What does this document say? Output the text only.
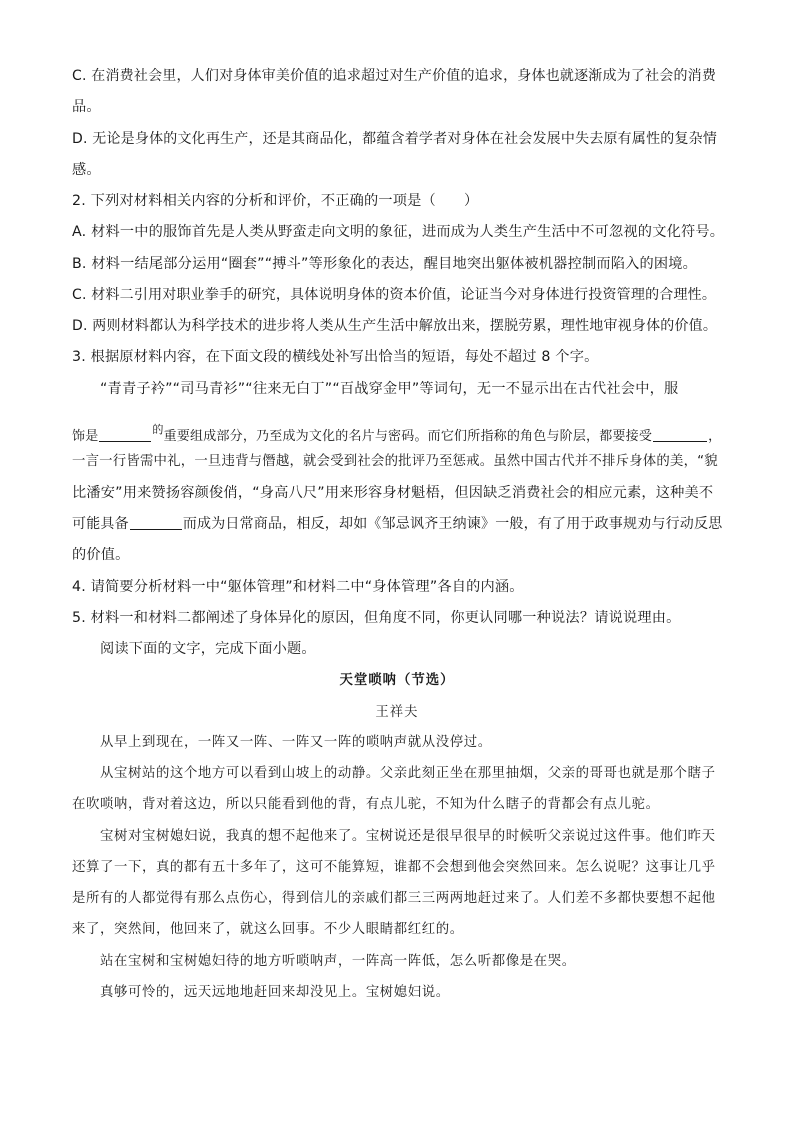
C. 在消费社会里，人们对身体审美价值的追求超过对生产价值的追求，身体也就逐渐成为了社会的消费
品。
D. 无论是身体的文化再生产，还是其商品化，都蕴含着学者对身体在社会发展中失去原有属性的复杂情
感。
2. 下列对材料相关内容的分析和评价，不正确的一项是（ ）
A. 材料一中的服饰首先是人类从野蛮走向文明的象征，进而成为人类生产生活中不可忽视的文化符号。
B. 材料一结尾部分运用“圈套”“搏斗”等形象化的表达，醒目地突出躯体被机器控制而陷入的困境。
C. 材料二引用对职业拳手的研究，具体说明身体的资本价值，论证当今对身体进行投资管理的合理性。
D. 两则材料都认为科学技术的进步将人类从生产生活中解放出来，摆脱劳累，理性地审视身体的价值。
3. 根据原材料内容，在下面文段的横线处补写出恰当的短语，每处不超过 8 个字。
“青青子衿”“司马青衫”“往来无白丁”“百战穿金甲”等词句，无一不显示出在古代社会中，服
饰是	的重要组成部分，乃至成为文化的名片与密码。而它们所指称的角色与阶层，都要接受	，
一言一行皆需中礼，一旦违背与僭越，就会受到社会的批评乃至惩戒。虽然中国古代并不排斥身体的美，“貌
比潘安”用来赞扬容颜俊俏，“身高八尺”用来形容身材魁梧，但因缺乏消费社会的相应元素，这种美不
可能具备	而成为日常商品，相反，却如《邹忌讽齐王纳谏》一般，有了用于政事规劝与行动反思
的价值。
4. 请简要分析材料一中“躯体管理”和材料二中“身体管理”各自的内涵。
5. 材料一和材料二都阐述了身体异化的原因，但角度不同，你更认同哪一种说法？请说说理由。
阅读下面的文字，完成下面小题。
天堂唢呐（节选）
王祥夫
从早上到现在，一阵又一阵、一阵又一阵的唢呐声就从没停过。
从宝树站的这个地方可以看到山坡上的动静。父亲此刻正坐在那里抽烟，父亲的哥哥也就是那个瞎子
在吹唢呐，背对着这边，所以只能看到他的背，有点儿驼，不知为什么瞎子的背都会有点儿驼。
宝树对宝树媳妇说，我真的想不起他来了。宝树说还是很早很早的时候听父亲说过这件事。他们昨天
还算了一下，真的都有五十多年了，这可不能算短，谁都不会想到他会突然回来。怎么说呢？这事让几乎
是所有的人都觉得有那么点伤心，得到信儿的亲戚们都三三两两地赶过来了。人们差不多都快要想不起他
来了，突然间，他回来了，就这么回事。不少人眼睛都红红的。
站在宝树和宝树媳妇待的地方听唢呐声，一阵高一阵低，怎么听都像是在哭。
真够可怜的，远天远地地赶回来却没见上。宝树媳妇说。
